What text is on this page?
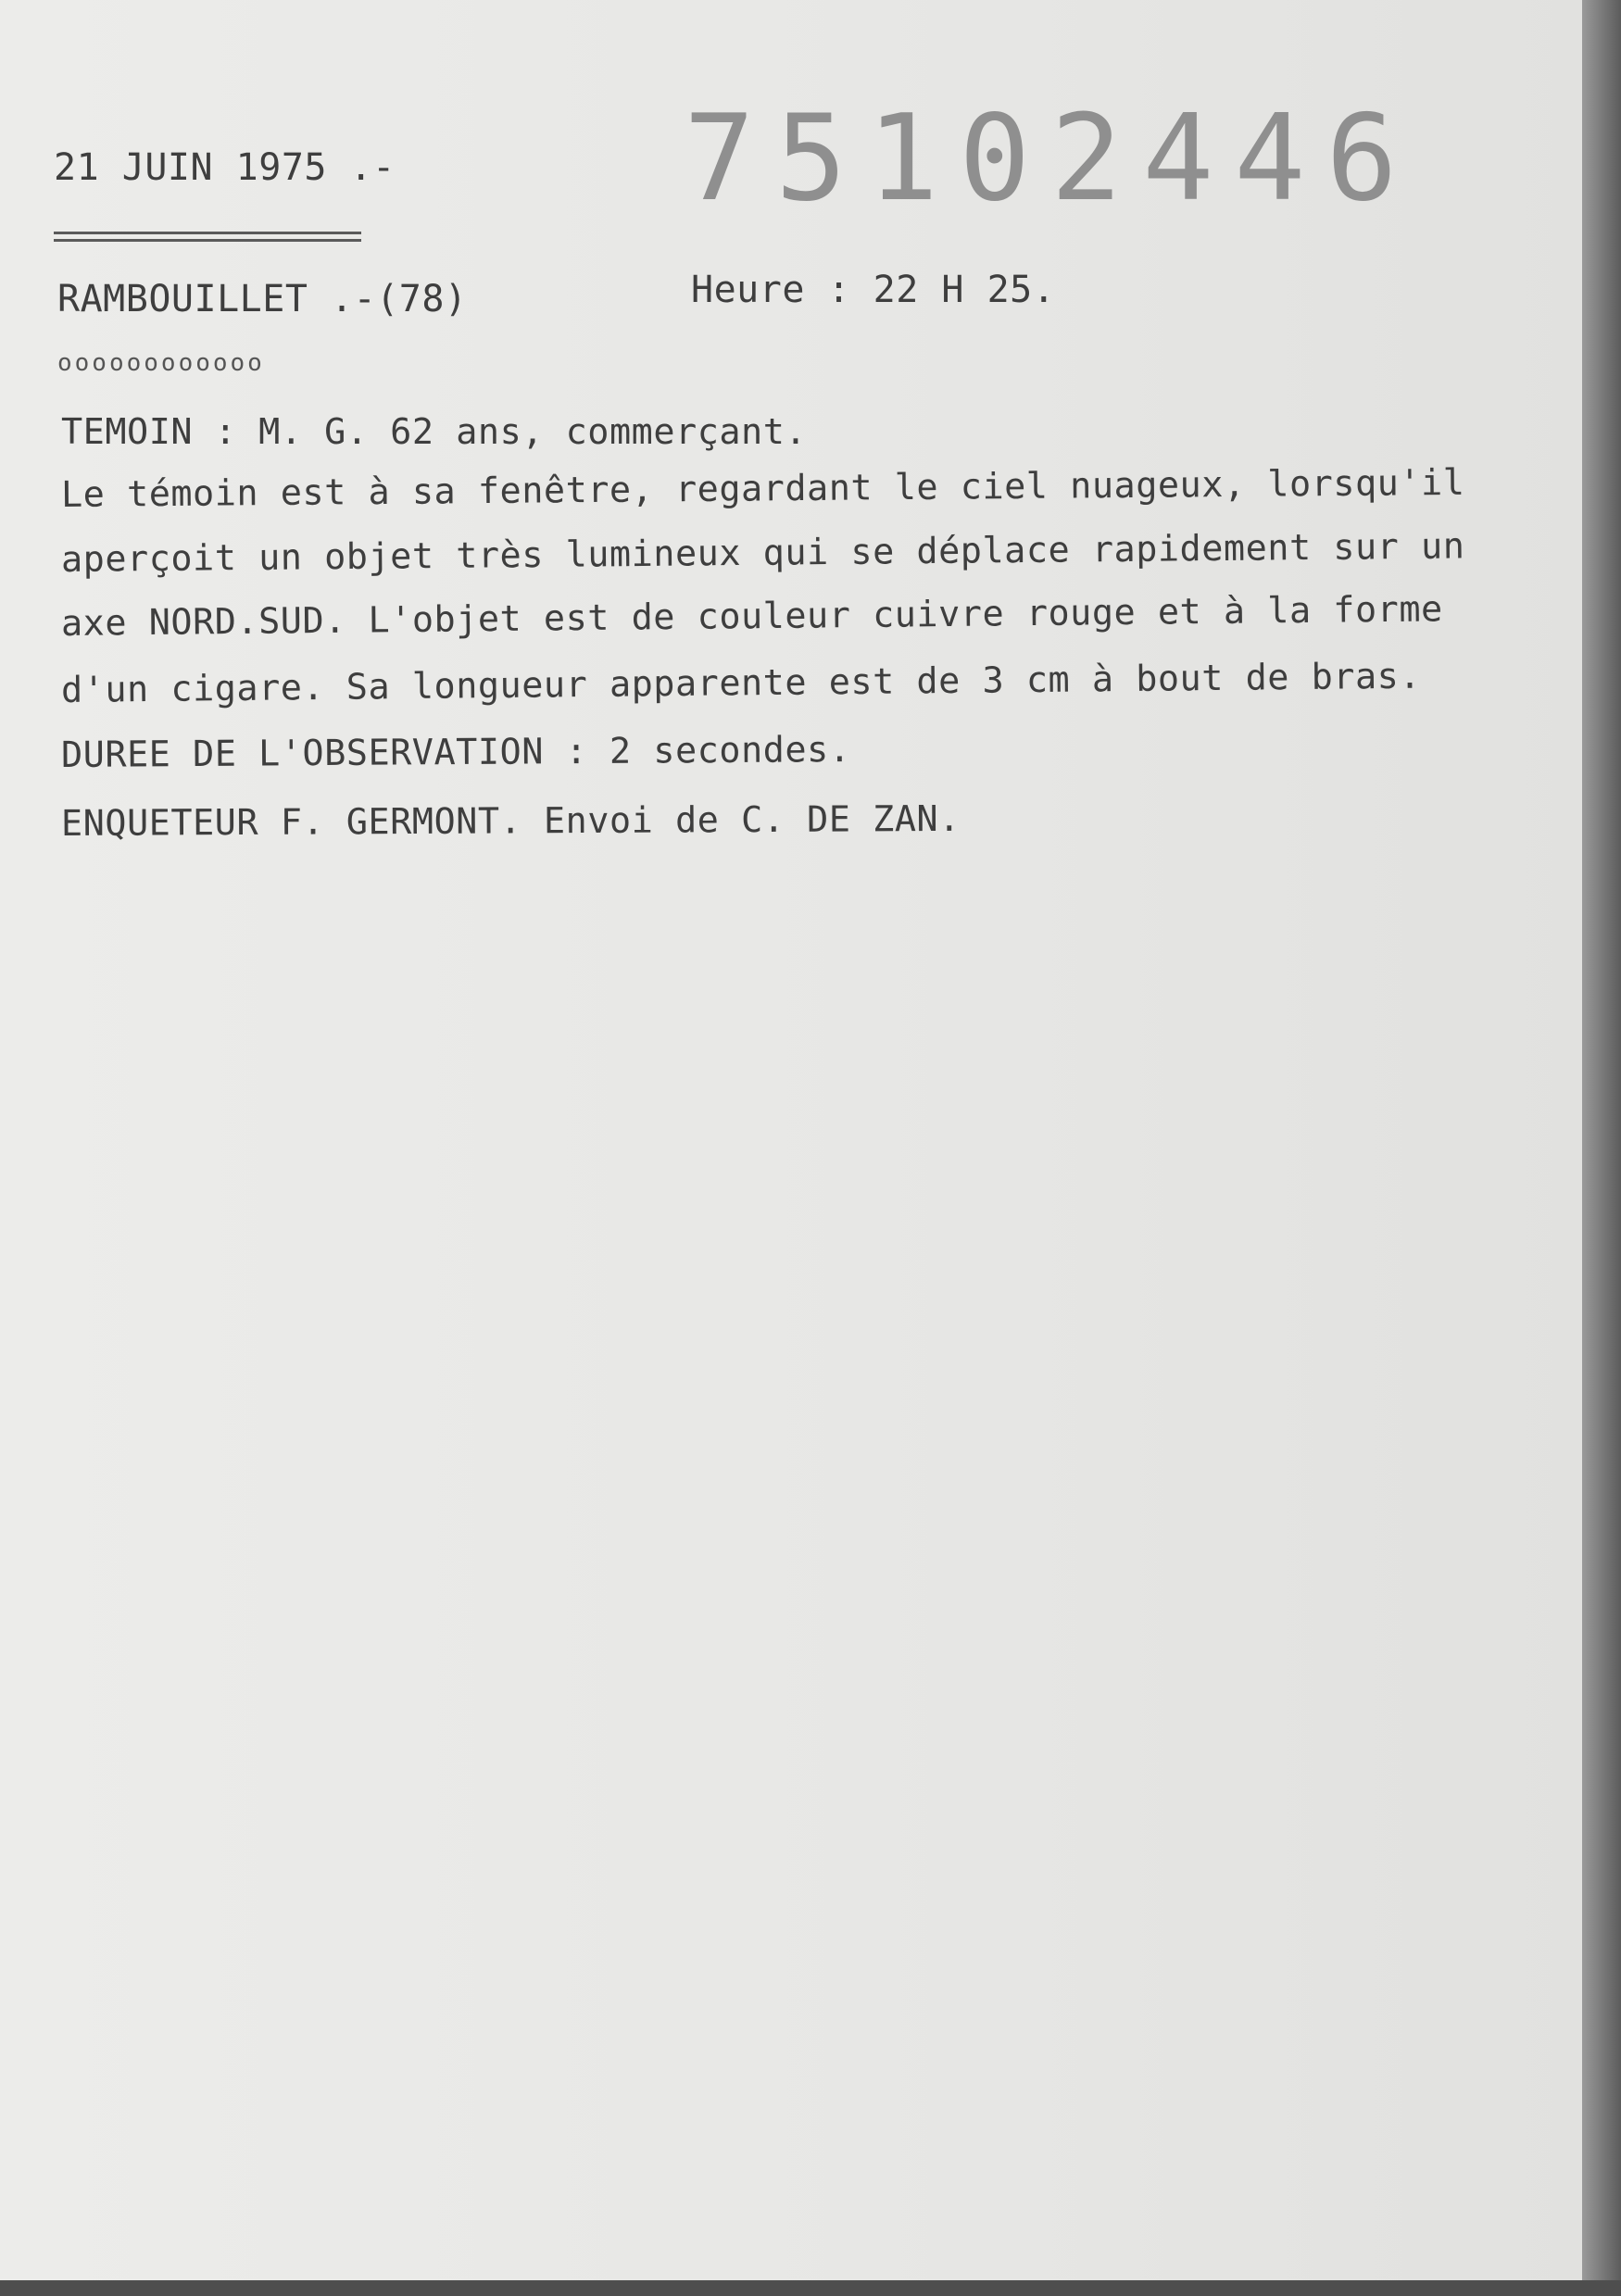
21 JUIN 1975 .- 75102446
RAMBOUILLET .-(78)	Heure : 22 H 25.
oooooooooooo
TEMOIN : M. G. 62 ans, commerçant.
Le témoin est à sa fenêtre, regardant le ciel nuageux, lorsqu'il
aperçoit un objet très lumineux qui se déplace rapidement sur un
axe NORD.SUD. L'objet est de couleur cuivre rouge et à la forme
d'un cigare. Sa longueur apparente est de 3 cm à bout de bras.
DUREE DE L'OBSERVATION : 2 secondes.
ENQUETEUR F. GERMONT. Envoi de C. DE ZAN.
